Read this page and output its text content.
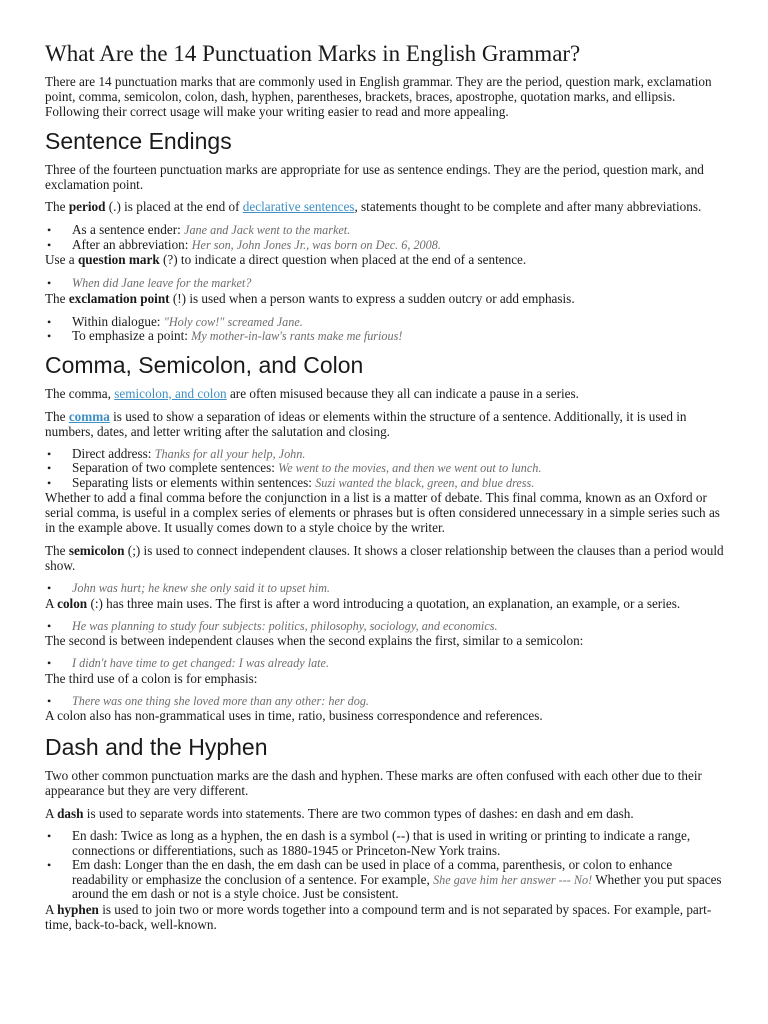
What Are the 14 Punctuation Marks in English Grammar?

There are 14 punctuation marks that are commonly used in English grammar. They are the period, question mark, exclamation point, comma, semicolon, colon, dash, hyphen, parentheses, brackets, braces, apostrophe, quotation marks, and ellipsis. Following their correct usage will make your writing easier to read and more appealing.

Sentence Endings

Three of the fourteen punctuation marks are appropriate for use as sentence endings. They are the period, question mark, and exclamation point.

The period (.) is placed at the end of declarative sentences, statements thought to be complete and after many abbreviations.

• As a sentence ender: Jane and Jack went to the market.
• After an abbreviation: Her son, John Jones Jr., was born on Dec. 6, 2008.

Use a question mark (?) to indicate a direct question when placed at the end of a sentence.

• When did Jane leave for the market?

The exclamation point (!) is used when a person wants to express a sudden outcry or add emphasis.

• Within dialogue: "Holy cow!" screamed Jane.
• To emphasize a point: My mother-in-law's rants make me furious!
Comma, Semicolon, and Colon

The comma, semicolon, and colon are often misused because they all can indicate a pause in a series.

The comma is used to show a separation of ideas or elements within the structure of a sentence. Additionally, it is used in numbers, dates, and letter writing after the salutation and closing.

• Direct address: Thanks for all your help, John.
• Separation of two complete sentences: We went to the movies, and then we went out to lunch.
• Separating lists or elements within sentences: Suzi wanted the black, green, and blue dress.

Whether to add a final comma before the conjunction in a list is a matter of debate. This final comma, known as an Oxford or serial comma, is useful in a complex series of elements or phrases but is often considered unnecessary in a simple series such as in the example above. It usually comes down to a style choice by the writer.

The semicolon (;) is used to connect independent clauses. It shows a closer relationship between the clauses than a period would show.

• John was hurt; he knew she only said it to upset him.

A colon (:) has three main uses. The first is after a word introducing a quotation, an explanation, an example, or a series.

• He was planning to study four subjects: politics, philosophy, sociology, and economics.

The second is between independent clauses when the second explains the first, similar to a semicolon:

• I didn't have time to get changed: I was already late.

The third use of a colon is for emphasis:

• There was one thing she loved more than any other: her dog.

A colon also has non-grammatical uses in time, ratio, business correspondence and references.

Dash and the Hyphen

Two other common punctuation marks are the dash and hyphen. These marks are often confused with each other due to their appearance but they are very different.

A dash is used to separate words into statements. There are two common types of dashes: en dash and em dash.

• En dash: Twice as long as a hyphen, the en dash is a symbol (--) that is used in writing or printing to indicate a range, connections or differentiations, such as 1880-1945 or Princeton-New York trains.
• Em dash: Longer than the en dash, the em dash can be used in place of a comma, parenthesis, or colon to enhance readability or emphasize the conclusion of a sentence. For example, She gave him her answer --- No! Whether you put spaces around the em dash or not is a style choice. Just be consistent.

A hyphen is used to join two or more words together into a compound term and is not separated by spaces. For example, part-time, back-to-back, well-known.
